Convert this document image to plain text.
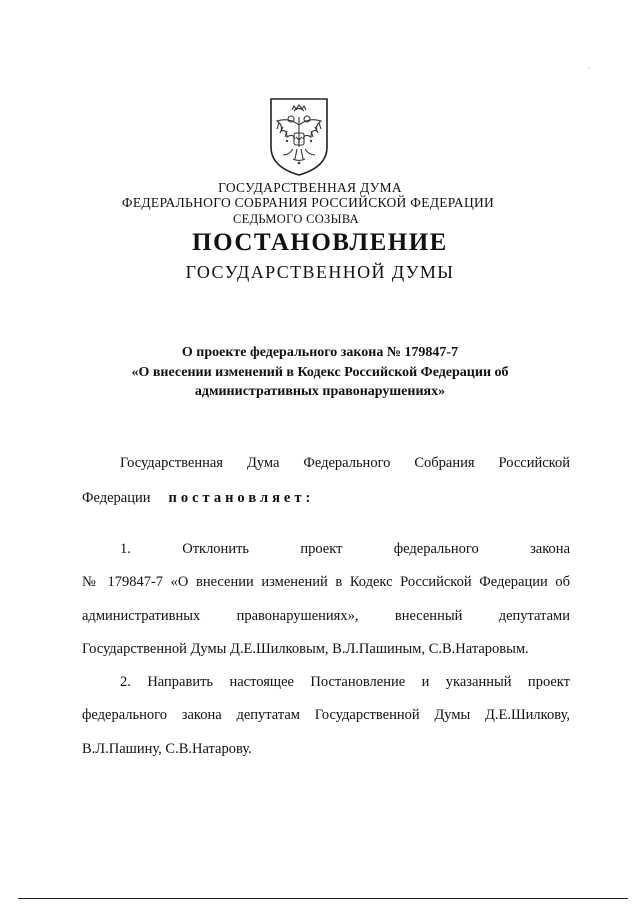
·
ГОСУДАРСТВЕННАЯ ДУМА
ФЕДЕРАЛЬНОГО СОБРАНИЯ РОССИЙСКОЙ ФЕДЕРАЦИИ
СЕДЬМОГО СОЗЫВА
ПОСТАНОВЛЕНИЕ
ГОСУДАРСТВЕННОЙ ДУМЫ
О проекте федерального закона № 179847-7
«О внесении изменений в Кодекс Российской Федерации об
административных правонарушениях»
Государственная Дума Федерального Собрания Российской
Федерации постановляет:
1. Отклонить проект федерального закона
№ 179847-7 «О внесении изменений в Кодекс Российской Федерации об
административных правонарушениях», внесенный депутатами
Государственной Думы Д.Е.Шилковым, В.Л.Пашиным, С.В.Натаровым.
2. Направить настоящее Постановление и указанный проект
федерального закона депутатам Государственной Думы Д.Е.Шилкову,
В.Л.Пашину, С.В.Натарову.
